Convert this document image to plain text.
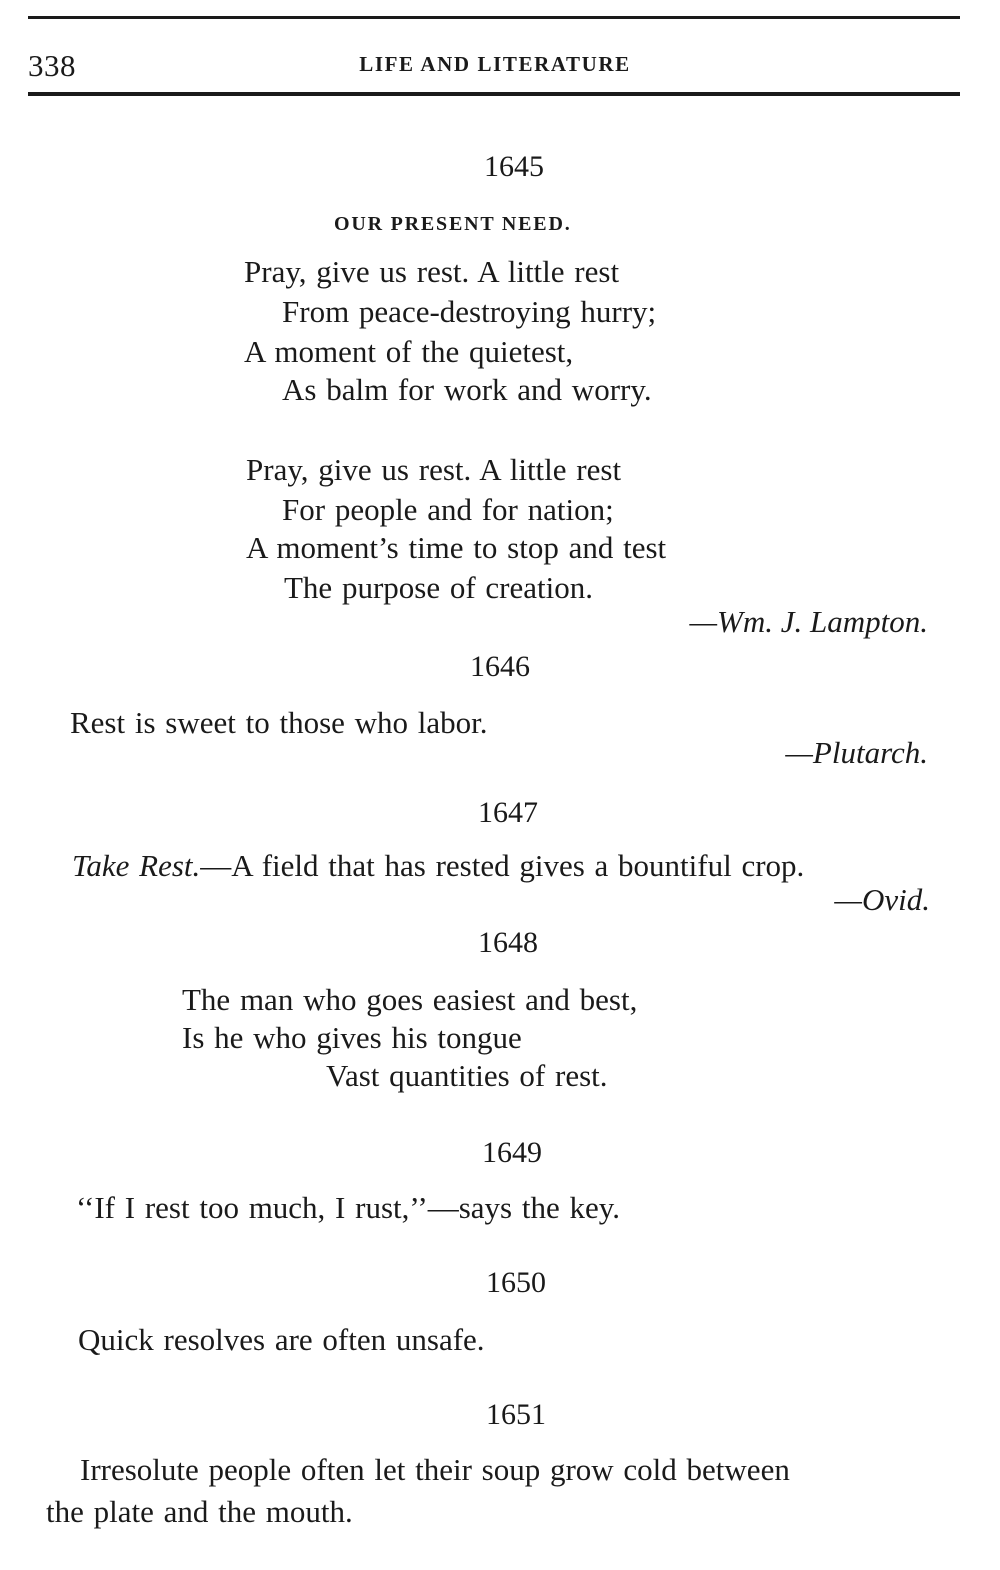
338	LIFE AND LITERATURE
1645
OUR PRESENT NEED.
Pray, give us rest. A little rest
From peace-destroying hurry;
A moment of the quietest,
As balm for work and worry.
Pray, give us rest. A little rest
For people and for nation;
A moment’s time to stop and test
The purpose of creation.
—Wm. J. Lampton.
1646
Rest is sweet to those who labor.
—Plutarch.
1647
Take Rest.—A field that has rested gives a bountiful crop.
—Ovid.
1648
The man who goes easiest and best,
Is he who gives his tongue
Vast quantities of rest.
1649
‘‘If I rest too much, I rust,’’—says the key.
1650
Quick resolves are often unsafe.
1651
Irresolute people often let their soup grow cold between
the plate and the mouth.
